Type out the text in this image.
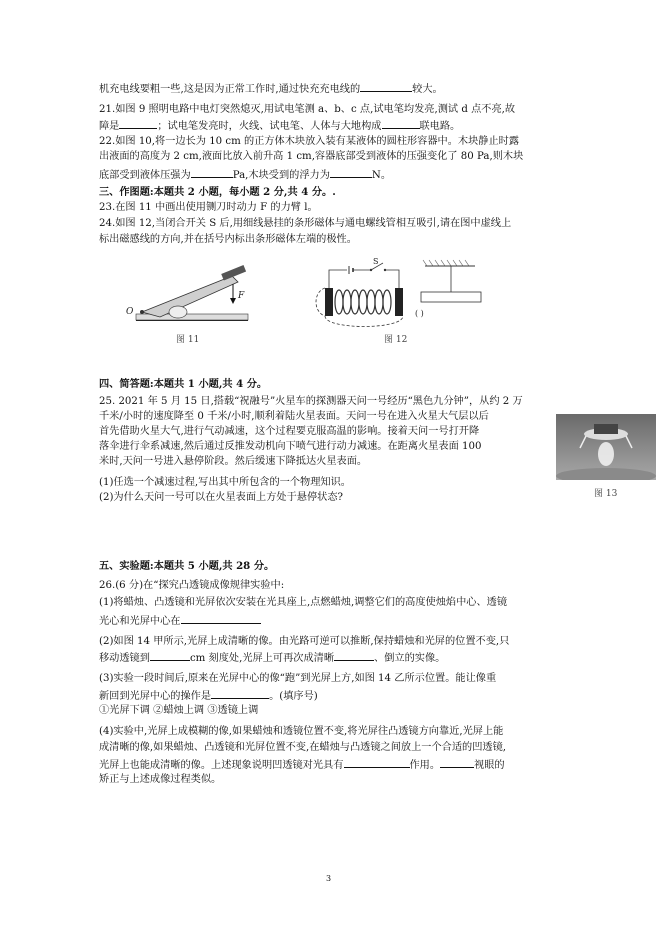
机充电线要粗一些,这是因为正常工作时,通过快充充电线的	较大。
21.如图 9 照明电路中电灯突然熄灭,用试电笔测 a、b、c 点,试电笔均发亮,测试 d 点不亮,故
障是	；试电笔发亮时，火线、试电笔、人体与大地构成	联电路。
22.如图 10,将一边长为 10 cm 的正方体木块放入装有某液体的圆柱形容器中。木块静止时露
出液面的高度为 2 cm,液面比放入前升高 1 cm,容器底部受到液体的压强变化了 80 Pa,则木块
底部受到液体压强为	Pa,木块受到的浮力为	N。
三、作图题:本题共 2 小题，每小题 2 分,共 4 分。.
23.在图 11 中画出使用铡刀时动力 F 的力臂 l。
24.如图 12,当闭合开关 S 后,用细线悬挂的条形磁体与通电螺线管相互吸引,请在图中虚线上
标出磁感线的方向,并在括号内标出条形磁体左端的极性。
四、简答题:本题共 1 小题,共 4 分。
25. 2021 年 5 月 15 日,搭载“祝融号”火星车的探测器天问一号经历“黑色九分钟”，从约 2 万
千米/小时的速度降至 0 千米/小时,顺利着陆火星表面。天问一号在进入火星大气层以后
首先借助火星大气,进行气动减速，这个过程要克服高温的影响。接着天问一号打开降
落伞进行伞系减速,然后通过反推发动机向下喷气进行动力减速。在距离火星表面 100
米时,天问一号进入悬停阶段。然后缓速下降抵达火星表面。
(1)任选一个减速过程,写出其中所包含的一个物理知识。
(2)为什么天问一号可以在火星表面上方处于悬停状态?
五、实验题:本题共 5 小题,共 28 分。
26.(6 分)在“探究凸透镜成像规律实验中:
(1)将蜡烛、凸透镜和光屏依次安装在光具座上,点燃蜡烛,调整它们的高度使烛焰中心、透镜
光心和光屏中心在
(2)如图 14 甲所示,光屏上成清晰的像。由光路可逆可以推断,保持蜡烛和光屏的位置不变,只
移动透镜到	cm 刻度处,光屏上可再次成清晰	、倒立的实像。
(3)实验一段时间后,原来在光屏中心的像“跑”到光屏上方,如图 14 乙所示位置。能让像重
新回到光屏中心的操作是	。(填序号)
①光屏下调 ②蜡烛上调 ③透镜上调
(4)实验中,光屏上成模糊的像,如果蜡烛和透镜位置不变,将光屏往凸透镜方向靠近,光屏上能
成清晰的像,如果蜡烛、凸透镜和光屏位置不变,在蜡烛与凸透镜之间放上一个合适的凹透镜,
光屏上也能成清晰的像。上述现象说明凹透镜对光具有	作用。	视眼的
矫正与上述成像过程类似。
O
F
图 11
( )
S
图 12
图 13
3
